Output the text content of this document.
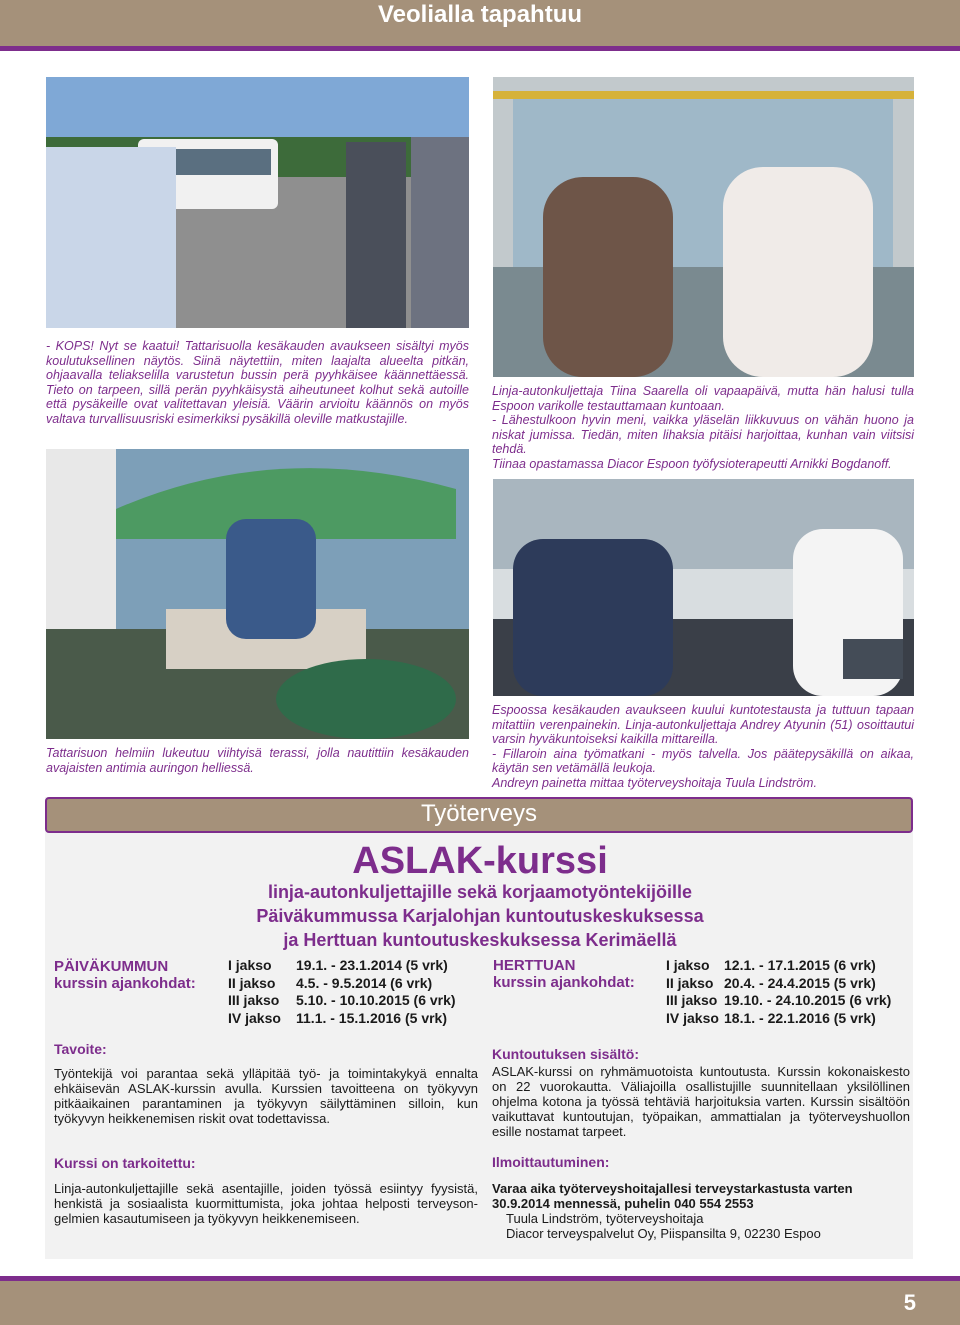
Veolialla tapahtuu

- KOPS! Nyt se kaatui! Tattarisuolla kesäkauden avaukseen sisältyi myös koulutuksellinen näytös. Siinä näytettiin, miten laajalta alueelta pitkän, ohjaavalla teliakselilla varustetun bussin perä pyyhkäisee käännettäessä. Tieto on tarpeen, sillä perän pyyhkäisystä aiheutuneet kolhut sekä autoille että pysäkeille ovat valitettavan yleisiä. Väärin arvioitu käännös on myös valtava turvallisuusriski esimerkiksi pysäkillä oleville matkustajille.

Linja-autonkuljettaja Tiina Saarella oli vapaapäivä, mutta hän halusi tulla Espoon varikolle testauttamaan kuntoaan.

- Lähestulkoon hyvin meni, vaikka yläselän liikkuvuus on vähän huono ja niskat jumissa. Tiedän, miten lihaksia pitäisi harjoittaa, kunhan vain viitsisi tehdä.

Tiinaa opastamassa Diacor Espoon työfysioterapeutti Arnikki Bogdanoff.

Tattarisuon helmiin lukeutuu viihtyisä terassi, jolla nautittiin kesäkauden avajaisten antimia auringon helliessä.

Espoossa kesäkauden avaukseen kuului kuntotestausta ja tuttuun tapaan mitattiin verenpainekin. Linja-autonkuljettaja Andrey Atyunin (51) osoittautui varsin hyväkuntoiseksi kaikilla mittareilla.

- Fillaroin aina työmatkani - myös talvella. Jos päätepysäkillä on aikaa, käytän sen vetämällä leukoja.

Andreyn painetta mittaa työterveyshoitaja Tuula Lindström.

Työterveys
ASLAK-kurssi
linja-autonkuljettajille sekä korjaamotyöntekijöille
Päiväkummussa Karjalohjan kuntoutuskeskuksessa
ja Herttuan kuntoutuskeskuksessa Kerimäellä
PÄIVÄKUMMUN
kurssin ajankohdat:
I jakso	19.1. - 23.1.2014 (5 vrk)
II jakso	4.5. - 9.5.2014 (6 vrk)
III jakso	5.10. - 10.10.2015 (6 vrk)
IV jakso	11.1. - 15.1.2016 (5 vrk)
HERTTUAN
kurssin ajankohdat:
I jakso	12.1. - 17.1.2015 (6 vrk)
II jakso 20.4. - 24.4.2015 (5 vrk)
III jakso 19.10. - 24.10.2015 (6 vrk)
IV jakso 18.1. - 22.1.2016 (5 vrk)
Tavoite:

Työntekijä voi parantaa sekä ylläpitää työ- ja toimintakykyä ennalta ehkäisevän ASLAK-kurssin avulla. Kurssien tavoitteena on työkyvyn pitkäaikainen parantaminen ja työkyvyn säilyttäminen silloin, kun työkyvyn heikkenemisen riskit ovat todettavissa.

Kurssi on tarkoitettu:

Linja-autonkuljettajille sekä asentajille, joiden työssä esiintyy fyysistä, henkistä ja sosiaalista kuormittumista, joka johtaa helposti terveyson-gelmien kasautumiseen ja työkyvyn heikkenemiseen.

Kuntoutuksen sisältö:

ASLAK-kurssi on ryhmämuotoista kuntoutusta. Kurssin kokonaiskesto on 22 vuorokautta. Väliajoilla osallistujille suunnitellaan yksilöllinen ohjelma kotona ja työssä tehtäviä harjoituksia varten. Kurssin sisältöön vaikuttavat kuntoutujan, työpaikan, ammattialan ja työterveyshuollon esille nostamat tarpeet.

Ilmoittautuminen:
Varaa aika työterveyshoitajallesi terveystarkastusta varten 30.9.2014 mennessä, puhelin 040 554 2553
Tuula Lindström, työterveyshoitaja
Diacor terveyspalvelut Oy, Piispansilta 9, 02230 Espoo
5
